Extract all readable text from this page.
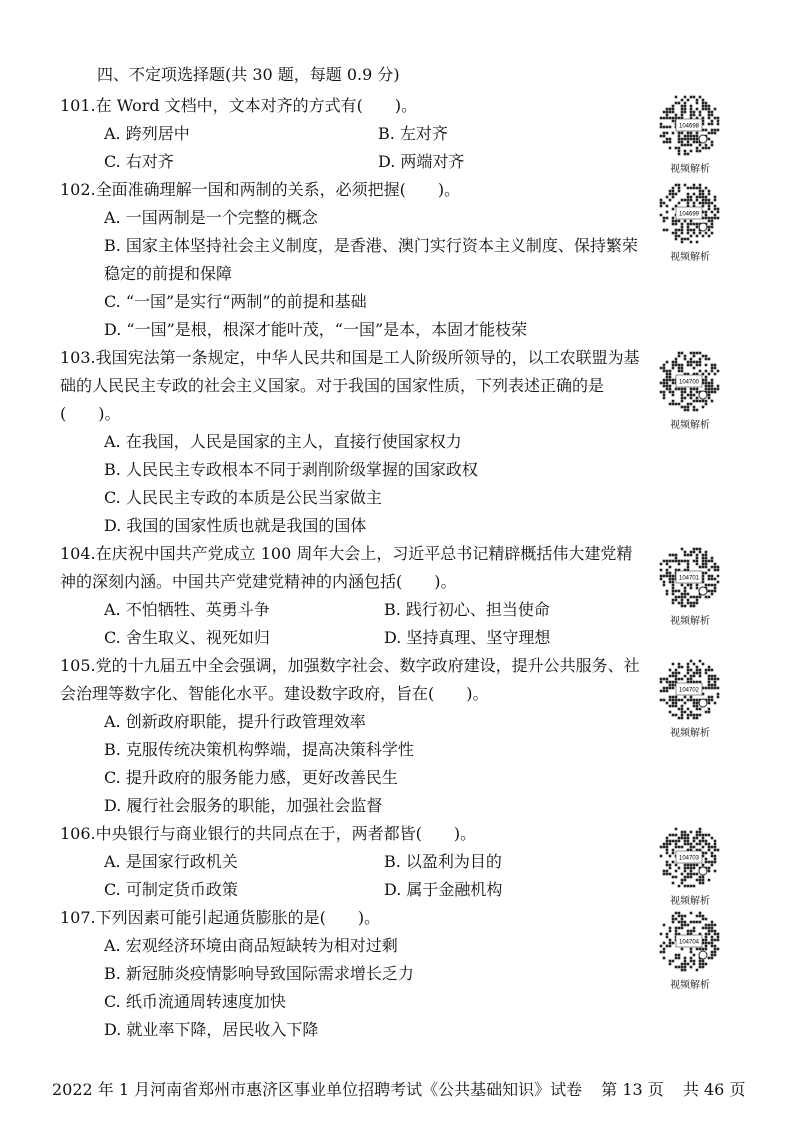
四、不定项选择题(共 30 题，每题 0.9 分)
101.在 Word 文档中，文本对齐的方式有(　　)。
A. 跨列居中	B. 左对齐
C. 右对齐	D. 两端对齐
102.全面准确理解一国和两制的关系，必须把握(　　)。
A. 一国两制是一个完整的概念
B. 国家主体坚持社会主义制度，是香港、澳门实行资本主义制度、保持繁荣稳定的前提和保障
C. “一国”是实行“两制”的前提和基础
D. “一国”是根，根深才能叶茂，“一国”是本，本固才能枝荣
103.我国宪法第一条规定，中华人民共和国是工人阶级所领导的，以工农联盟为基础的人民民主专政的社会主义国家。对于我国的国家性质，下列表述正确的是(　　)。
A. 在我国，人民是国家的主人，直接行使国家权力
B. 人民民主专政根本不同于剥削阶级掌握的国家政权
C. 人民民主专政的本质是公民当家做主
D. 我国的国家性质也就是我国的国体
104.在庆祝中国共产党成立 100 周年大会上，习近平总书记精辟概括伟大建党精神的深刻内涵。中国共产党建党精神的内涵包括(　　)。
A. 不怕牺牲、英勇斗争	B. 践行初心、担当使命
C. 舍生取义、视死如归	D. 坚持真理、坚守理想
105.党的十九届五中全会强调，加强数字社会、数字政府建设，提升公共服务、社会治理等数字化、智能化水平。建设数字政府，旨在(　　)。
A. 创新政府职能，提升行政管理效率
B. 克服传统决策机构弊端，提高决策科学性
C. 提升政府的服务能力感，更好改善民生
D. 履行社会服务的职能，加强社会监督
106.中央银行与商业银行的共同点在于，两者都皆(　　)。
A. 是国家行政机关	B. 以盈利为目的
C. 可制定货币政策	D. 属于金融机构
107.下列因素可能引起通货膨胀的是(　　)。
A. 宏观经济环境由商品短缺转为相对过剩
B. 新冠肺炎疫情影响导致国际需求增长乏力
C. 纸币流通周转速度加快
D. 就业率下降，居民收入下降
104698
视频解析
104699
视频解析
104700
视频解析
104701
视频解析
104702
视频解析
104703
视频解析
104704
视频解析
2022 年 1 月河南省郑州市惠济区事业单位招聘考试《公共基础知识》试卷 第 13 页 共 46 页
